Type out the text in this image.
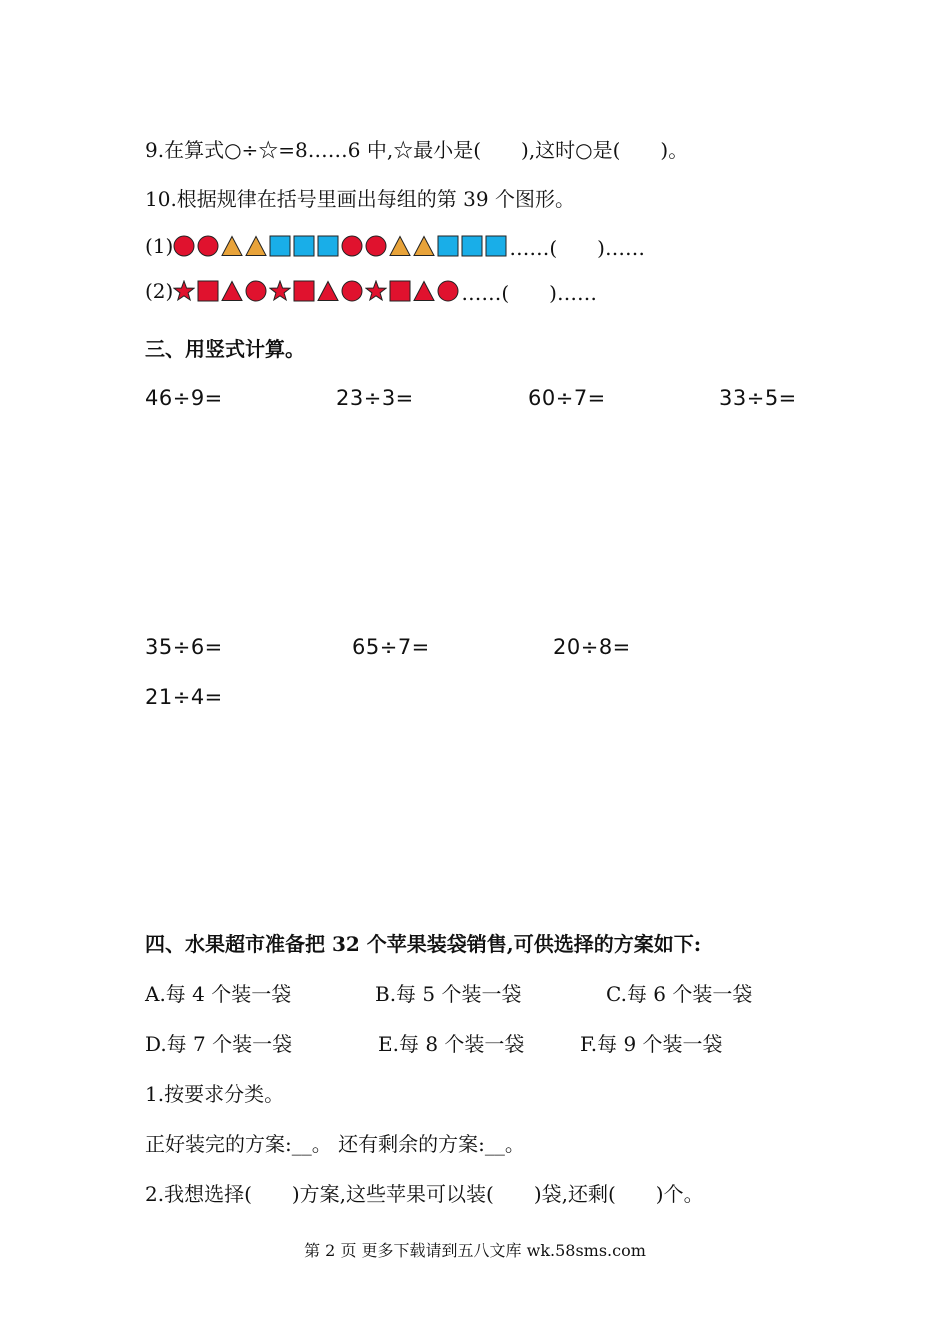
9.在算式○÷☆=8……6 中,☆最小是(　　),这时○是(　　)。
10.根据规律在括号里画出每组的第 39 个图形。
(1)	……(　　)……
(2)	……(　　)……
三、用竖式计算。
46÷9=	23÷3=	60÷7=	33÷5=
35÷6=	65÷7=	20÷8=
21÷4=
四、水果超市准备把 32 个苹果装袋销售,可供选择的方案如下:
A.每 4 个装一袋	B.每 5 个装一袋	C.每 6 个装一袋
D.每 7 个装一袋	E.每 8 个装一袋	F.每 9 个装一袋
1.按要求分类。
正好装完的方案:__。 还有剩余的方案:__。
2.我想选择(　　)方案,这些苹果可以装(　　)袋,还剩(　　)个。
第 2 页 更多下载请到五八文库 wk.58sms.com
